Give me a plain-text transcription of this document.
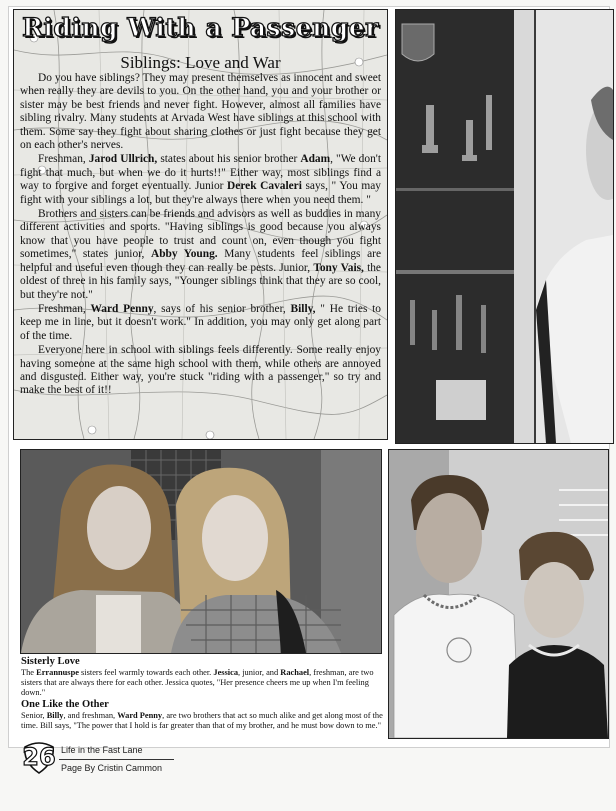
Riding With a Passenger
Siblings: Love and War

Do you have siblings? They may present themselves as innocent and sweet when really they are devils to you. On the other hand, you and your brother or sister may be best friends and never fight. However, almost all families have sibling rivalry. Many students at Arvada West have siblings at this school with them. Some say they fight about sharing clothes or just fight because they get on each other's nerves.

Freshman, Jarod Ullrich, states about his senior brother Adam, "We don't fight that much, but when we do it hurts!!" Either way, most siblings find a way to forgive and forget eventually. Junior Derek Cavaleri says, " You may fight with your siblings a lot, but they're always there when you need them. "

Brothers and sisters can be friends and advisors as well as buddies in many different activities and sports. "Having siblings is good because you always know that you have people to trust and count on, even though you fight sometimes," states junior, Abby Young. Many students feel siblings are helpful and useful even though they can really be pests. Junior, Tony Vais, the oldest of three in his family says, "Younger siblings think that they are so cool, but they're not."

Freshman, Ward Penny, says of his senior brother, Billy, " He tries to keep me in line, but it doesn't work." In addition, you may only get along part of the time.

Everyone here in school with siblings feels differently. Some really enjoy having someone at the same high school with them, while others are annoyed and disgusted. Either way, you're stuck "riding with a passenger," so try and make the best of it!!

Sisterly Love
The Errannuspe sisters feel warmly towards each other. Jessica, junior, and Rachael, freshman, are two sisters that are always there for each other. Jessica quotes, "Her presence cheers me up when I'm feeling down."
One Like the Other
Senior, Billy, and freshman, Ward Penny, are two brothers that act so much alike and get along most of the time. Bill says, "The power that I hold is far greater than that of my brother, and he must bow down to me."
26 Life in the Fast Lane
Page By Cristin Cammon
